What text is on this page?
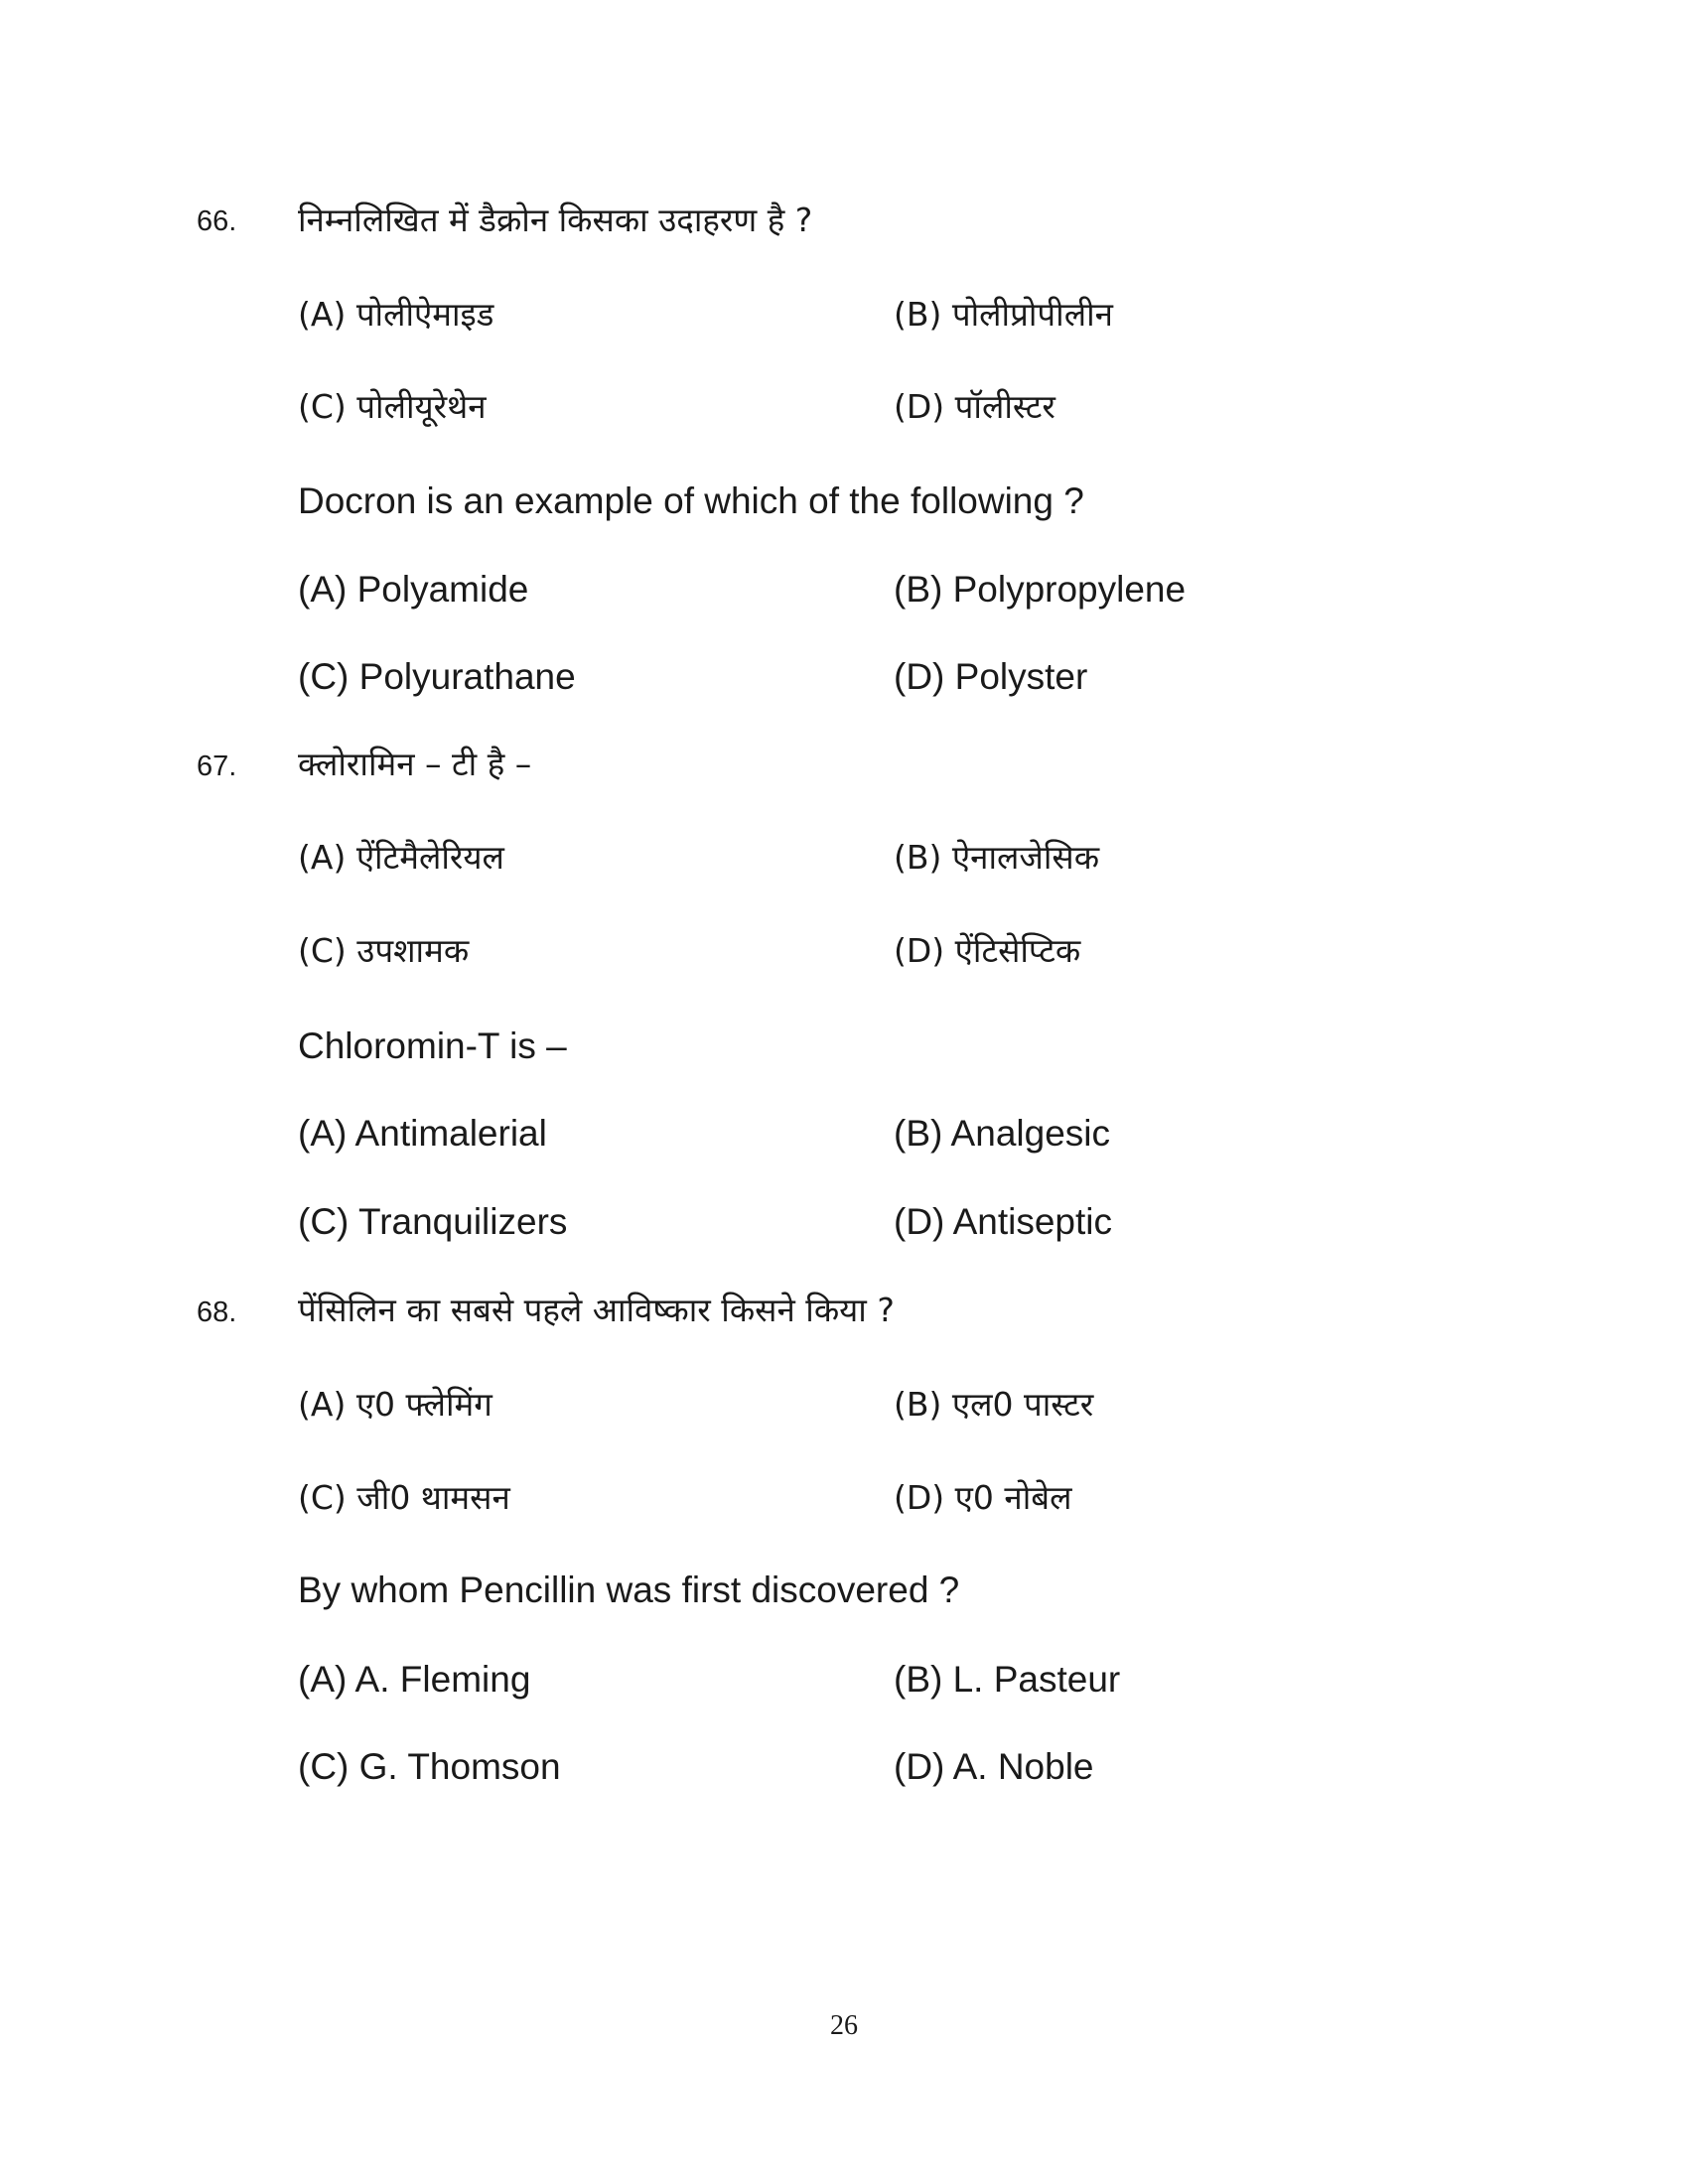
66. निम्नलिखित में डैक्रोन किसका उदाहरण है ?
(A) पोलीऐमाइड	(B) पोलीप्रोपीलीन
(C) पोलीयूरेथेन	(D) पॉलीस्टर
Docron is an example of which of the following ?
(A) Polyamide	(B) Polypropylene
(C) Polyurathane	(D) Polyster
67. क्लोरामिन – टी है –
(A) ऐंटिमैलेरियल	(B) ऐनालजेसिक
(C) उपशामक	(D) ऐंटिसेप्टिक
Chloromin-T is –
(A) Antimalerial	(B) Analgesic
(C) Tranquilizers	(D) Antiseptic
68. पेंसिलिन का सबसे पहले आविष्कार किसने किया ?
(A) ए0 फ्लेमिंग	(B) एल0 पास्टर
(C) जी0 थामसन	(D) ए0 नोबेल
By whom Pencillin was first discovered ?
(A) A. Fleming	(B) L. Pasteur
(C) G. Thomson	(D) A. Noble
26
